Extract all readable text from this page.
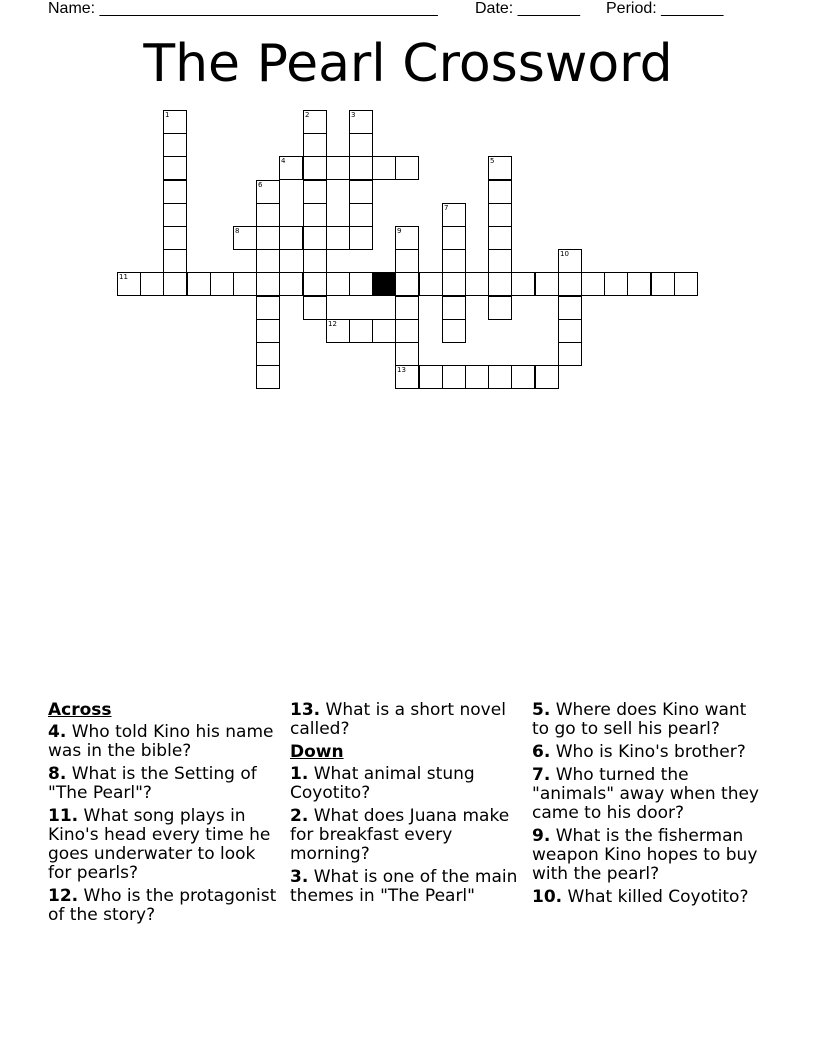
Name: ______________________________________ Date: _______ Period: _______
The Pearl Crossword
1	2	3
4	5
6
7
8	9
13
10
11
12
Across
4. Who told Kino his name was in the bible?
8. What is the Setting of "The Pearl"?
11. What song plays in Kino's head every time he goes underwater to look for pearls?
12. Who is the protagonist of the story?
13. What is a short novel called?
Down
1. What animal stung Coyotito?
2. What does Juana make for breakfast every morning?
3. What is one of the main themes in "The Pearl"
5. Where does Kino want to go to sell his pearl?
6. Who is Kino's brother?
7. Who turned the "animals" away when they came to his door?
9. What is the fisherman weapon Kino hopes to buy with the pearl?
10. What killed Coyotito?
